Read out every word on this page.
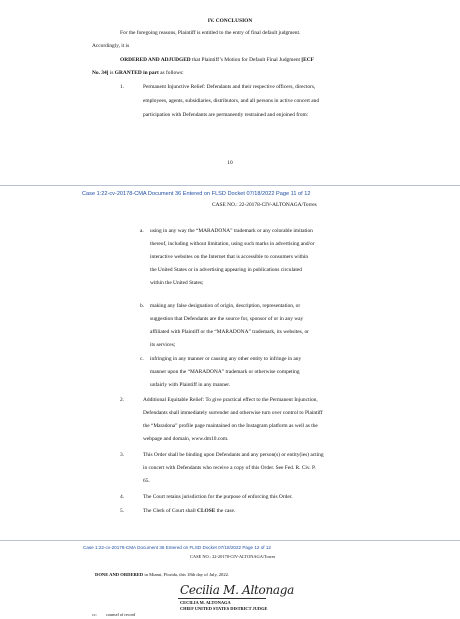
IV. CONCLUSION
For the foregoing reasons, Plaintiff is entitled to the entry of final default judgment.
Accordingly, it is
ORDERED AND ADJUDGED that Plaintiff’s Motion for Default Final Judgment [ECF
No. 34] is GRANTED in part as follows:
1.	Permanent Injunctive Relief: Defendants and their respective officers, directors,
employees, agents, subsidiaries, distributors, and all persons in active concert and
participation with Defendants are permanently restrained and enjoined from:
10
Case 1:22-cv-20178-CMA Document 36 Entered on FLSD Docket 07/18/2022 Page 11 of 12
CASE NO.: 22-20178-CIV-ALTONAGA/Torres
a. using in any way the “MARADONA” trademark or any colorable imitation
thereof, including without limitation, using such marks in advertising and/or
interactive websites on the Internet that is accessible to consumers within
the United States or in advertising appearing in publications circulated
within the United States;
b. making any false designation of origin, description, representation, or
suggestion that Defendants are the source for, sponsor of or in any way
affiliated with Plaintiff or the “MARADONA” trademark, its websites, or
its services;
c. infringing in any manner or causing any other entity to infringe in any
manner upon the “MARADONA” trademark or otherwise competing
unfairly with Plaintiff in any manner.
2.	Additional Equitable Relief: To give practical effect to the Permanent Injunction,
Defendants shall immediately surrender and otherwise turn over control to Plaintiff
the “Maradona” profile page maintained on the Instagram platform as well as the
webpage and domain, www.dm10.com.
3.	This Order shall be binding upon Defendants and any person(s) or entity(ies) acting
in concert with Defendants who receive a copy of this Order. See Fed. R. Civ. P.
65.
4.	The Court retains jurisdiction for the purpose of enforcing this Order.
5.	The Clerk of Court shall CLOSE the case.
Case 1:22-cv-20178-CMA Document 36 Entered on FLSD Docket 07/18/2022 Page 12 of 12
CASE NO.: 22-20178-CIV-ALTONAGA/Torres
DONE AND ORDERED in Miami, Florida, this 18th day of July, 2022.
Cecilia M. Altonaga
CECILIA M. ALTONAGA
CHIEF UNITED STATES DISTRICT JUDGE
cc: counsel of record
